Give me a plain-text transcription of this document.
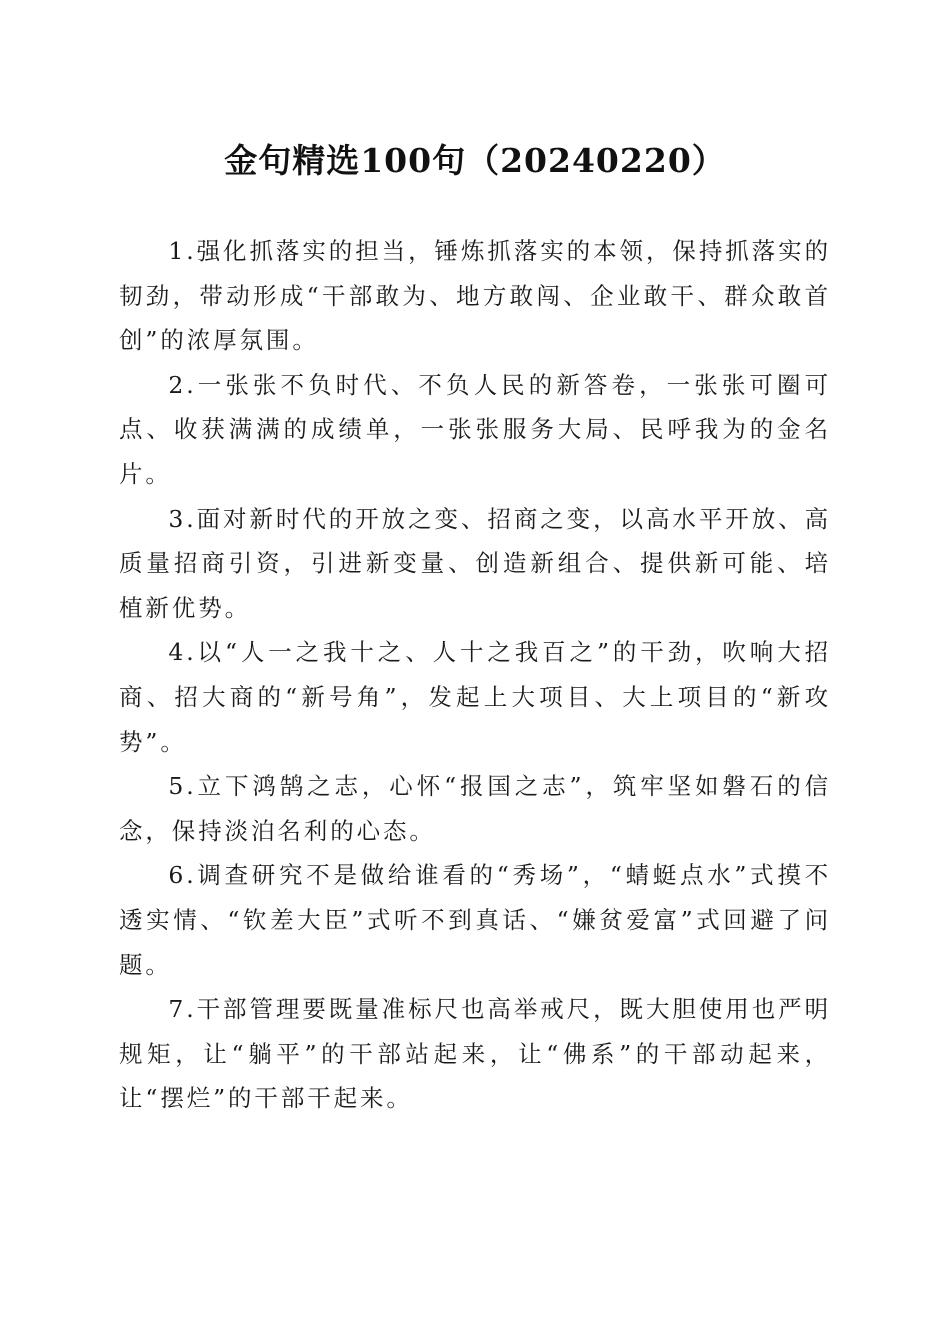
金句精选100句（20240220）

1.强化抓落实的担当，锤炼抓落实的本领，保持抓落实的韧劲，带动形成“干部敢为、地方敢闯、企业敢干、群众敢首创”的浓厚氛围。

2.一张张不负时代、不负人民的新答卷，一张张可圈可点、收获满满的成绩单，一张张服务大局、民呼我为的金名片。

3.面对新时代的开放之变、招商之变，以高水平开放、高质量招商引资，引进新变量、创造新组合、提供新可能、培植新优势。

4.以“人一之我十之、人十之我百之”的干劲，吹响大招商、招大商的“新号角”，发起上大项目、大上项目的“新攻势”。

5.立下鸿鹄之志，心怀“报国之志”，筑牢坚如磐石的信念，保持淡泊名利的心态。

6.调查研究不是做给谁看的“秀场”，“蜻蜓点水”式摸不透实情、“钦差大臣”式听不到真话、“嫌贫爱富”式回避了问题。

7.干部管理要既量准标尺也高举戒尺，既大胆使用也严明规矩，让“躺平”的干部站起来，让“佛系”的干部动起来，让“摆烂”的干部干起来。
